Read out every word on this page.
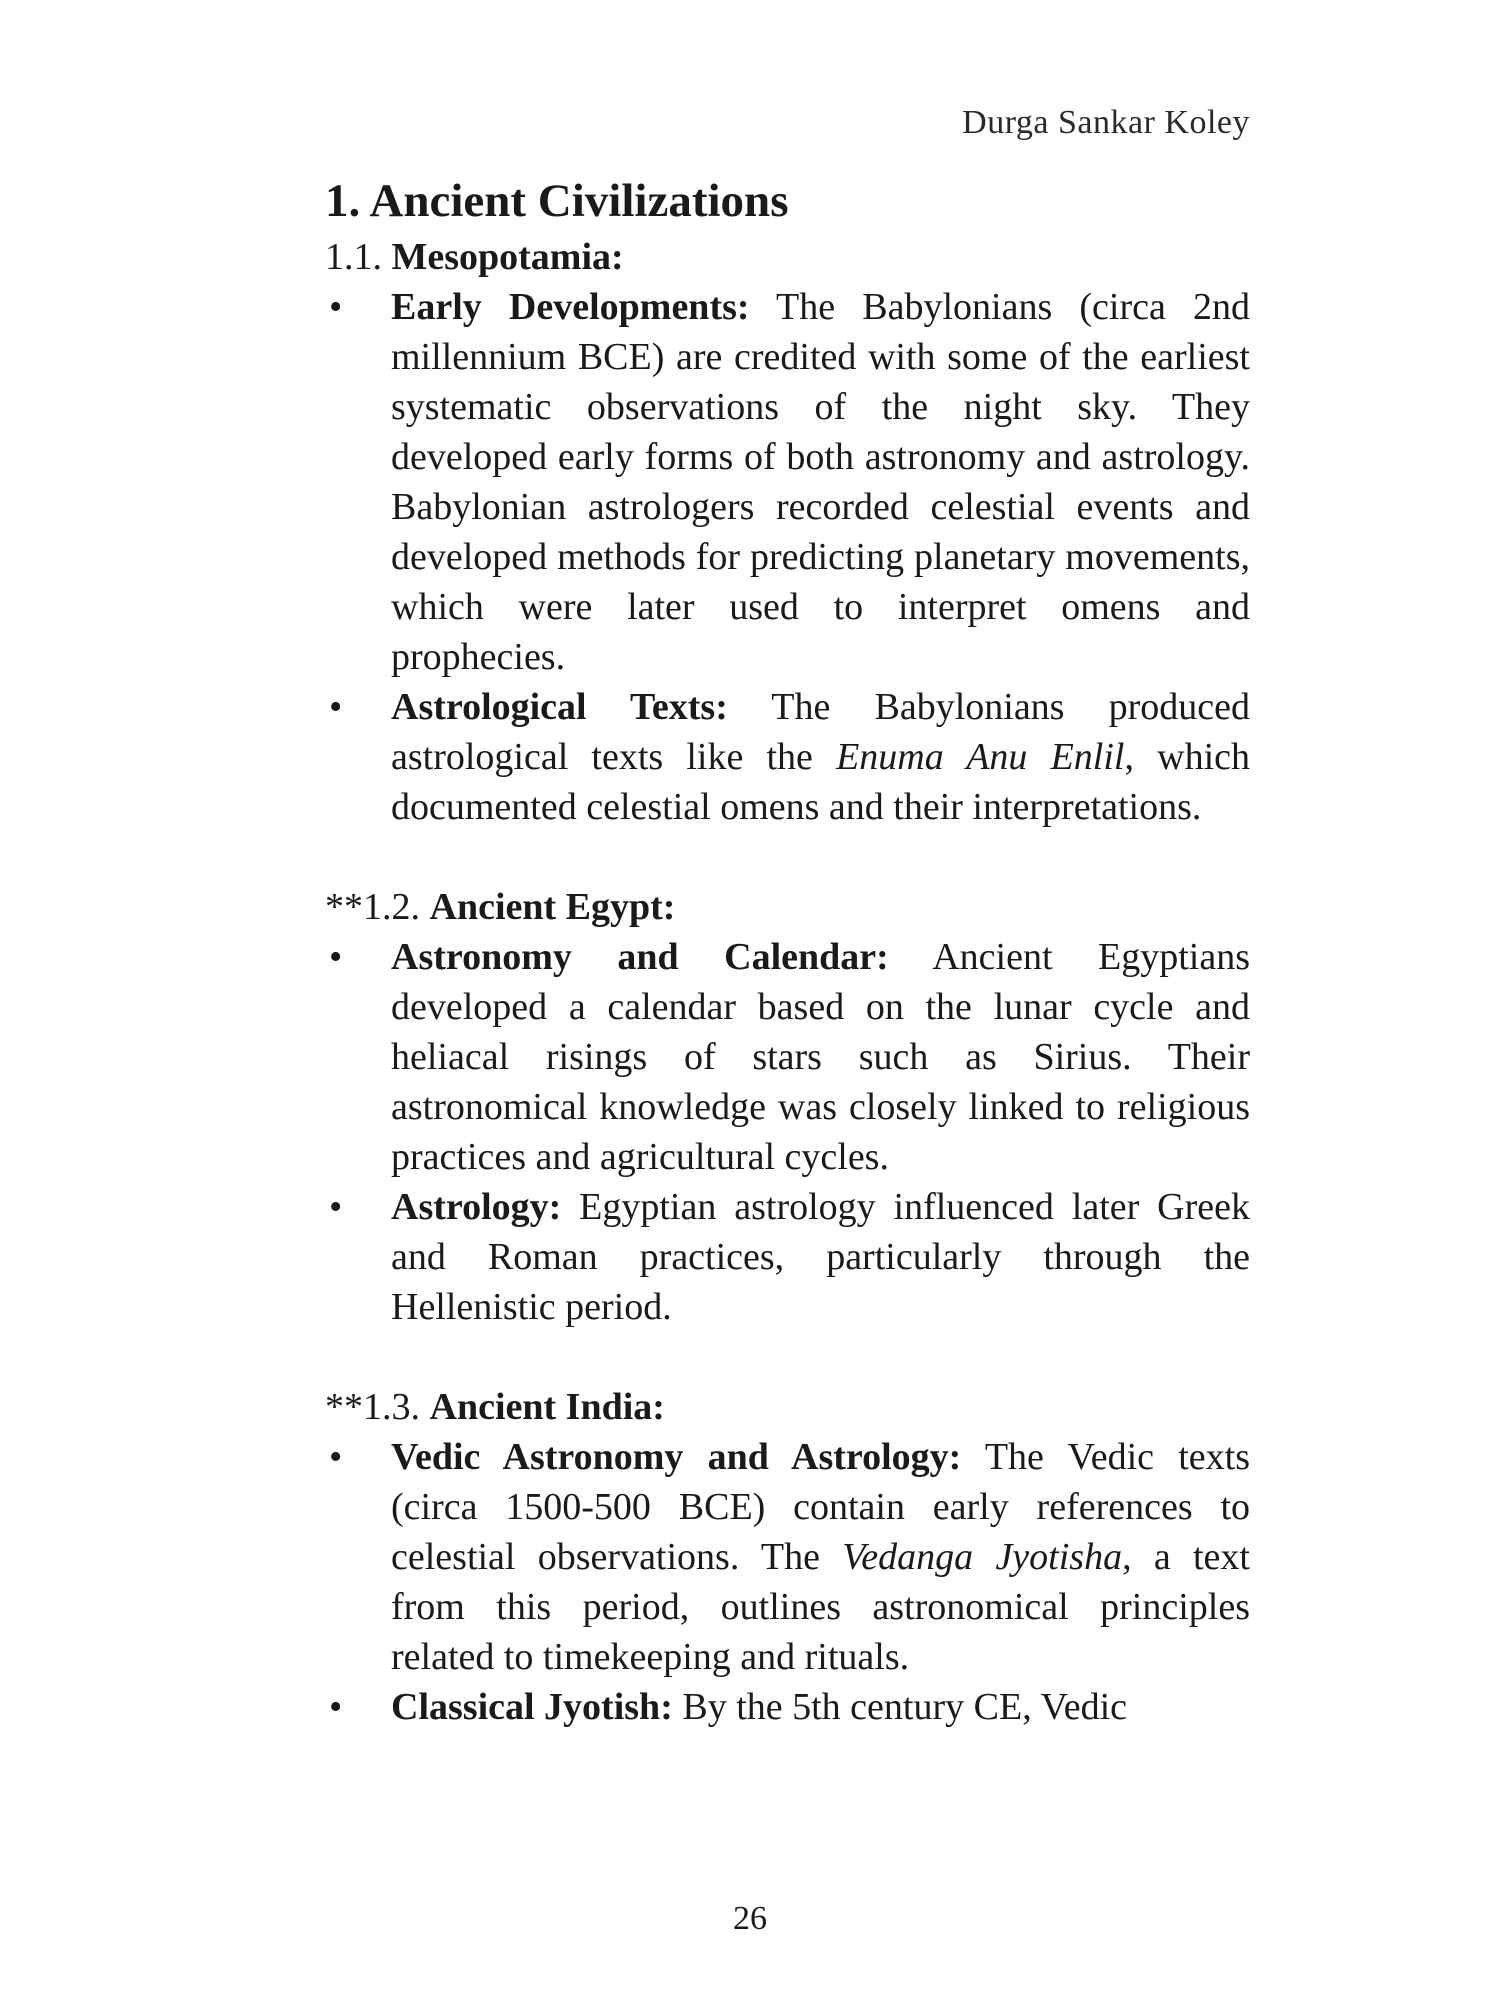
Durga Sankar Koley
1. Ancient Civilizations
1.1. Mesopotamia:
• Early Developments: The Babylonians (circa 2nd millennium BCE) are credited with some of the earliest systematic observations of the night sky. They developed early forms of both astronomy and astrology. Babylonian astrologers recorded celestial events and developed methods for predicting planetary movements, which were later used to interpret omens and prophecies.
• Astrological Texts: The Babylonians produced astrological texts like the Enuma Anu Enlil, which documented celestial omens and their interpretations.
**1.2. Ancient Egypt:
• Astronomy and Calendar: Ancient Egyptians developed a calendar based on the lunar cycle and heliacal risings of stars such as Sirius. Their astronomical knowledge was closely linked to religious practices and agricultural cycles.
• Astrology: Egyptian astrology influenced later Greek and Roman practices, particularly through the Hellenistic period.
**1.3. Ancient India:
• Vedic Astronomy and Astrology: The Vedic texts (circa 1500-500 BCE) contain early references to celestial observations. The Vedanga Jyotisha, a text from this period, outlines astronomical principles related to timekeeping and rituals.
• Classical Jyotish: By the 5th century CE, Vedic
26
